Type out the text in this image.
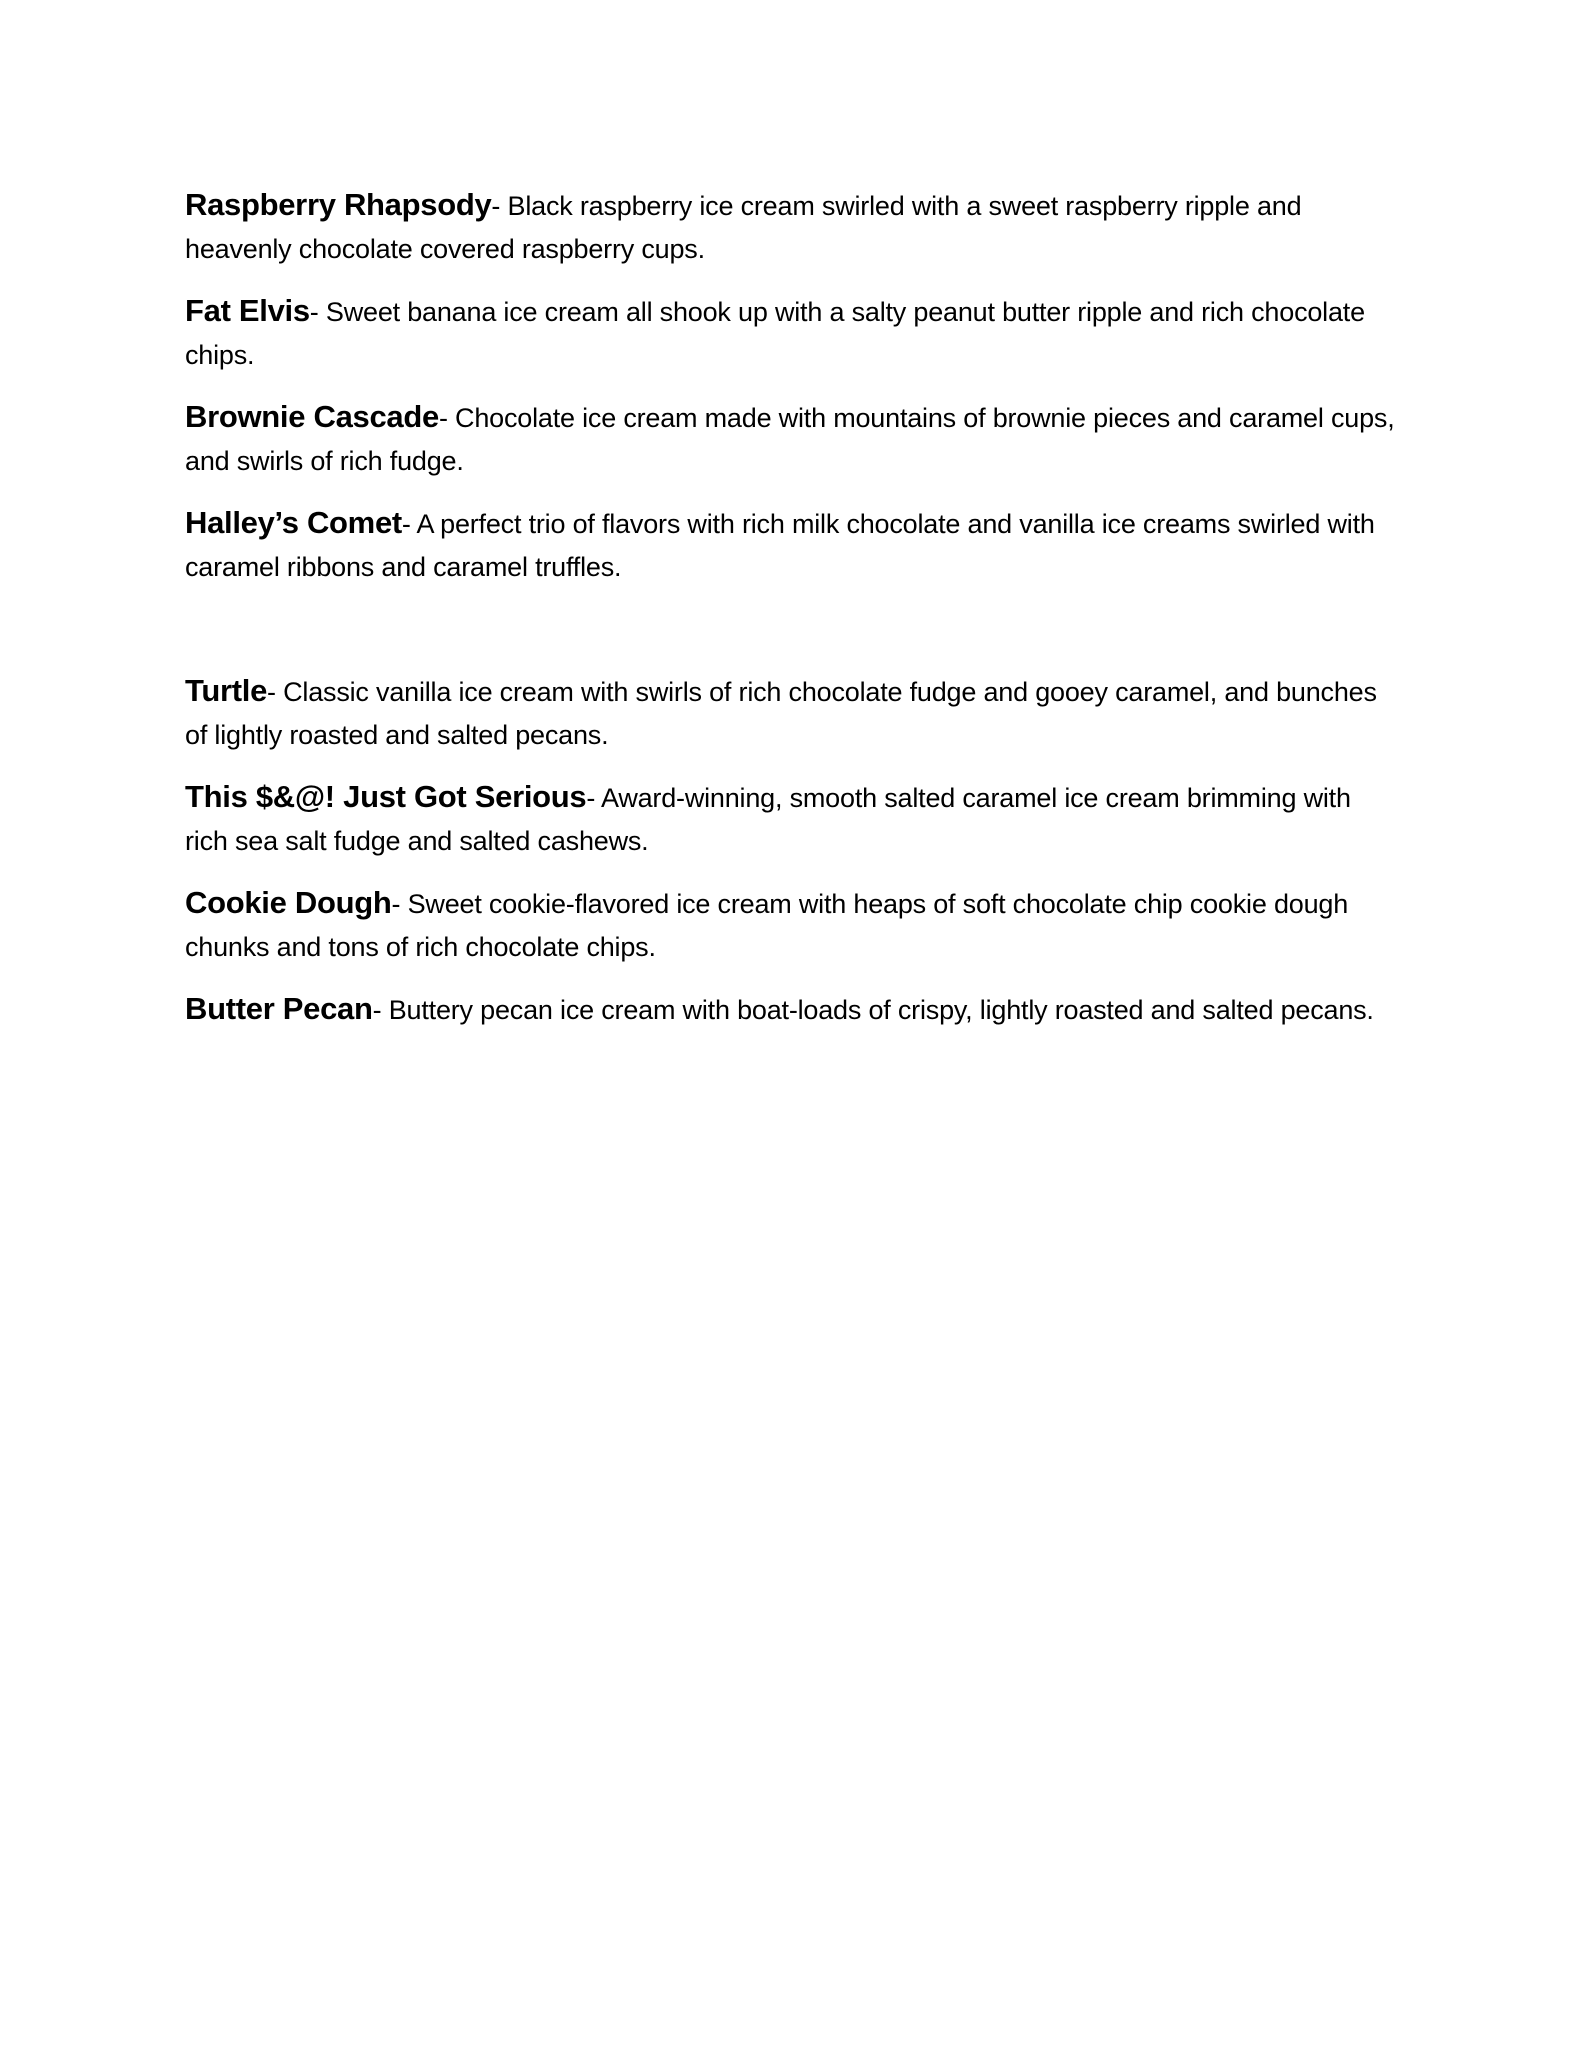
Raspberry Rhapsody- Black raspberry ice cream swirled with a sweet raspberry ripple and heavenly chocolate covered raspberry cups.

Fat Elvis- Sweet banana ice cream all shook up with a salty peanut butter ripple and rich chocolate chips.

Brownie Cascade- Chocolate ice cream made with mountains of brownie pieces and caramel cups, and swirls of rich fudge.

Halley’s Comet- A perfect trio of flavors with rich milk chocolate and vanilla ice creams swirled with caramel ribbons and caramel truffles.

Turtle- Classic vanilla ice cream with swirls of rich chocolate fudge and gooey caramel, and bunches of lightly roasted and salted pecans.

This $&@! Just Got Serious- Award-winning, smooth salted caramel ice cream brimming with rich sea salt fudge and salted cashews.

Cookie Dough- Sweet cookie-flavored ice cream with heaps of soft chocolate chip cookie dough chunks and tons of rich chocolate chips.

Butter Pecan- Buttery pecan ice cream with boat-loads of crispy, lightly roasted and salted pecans.
